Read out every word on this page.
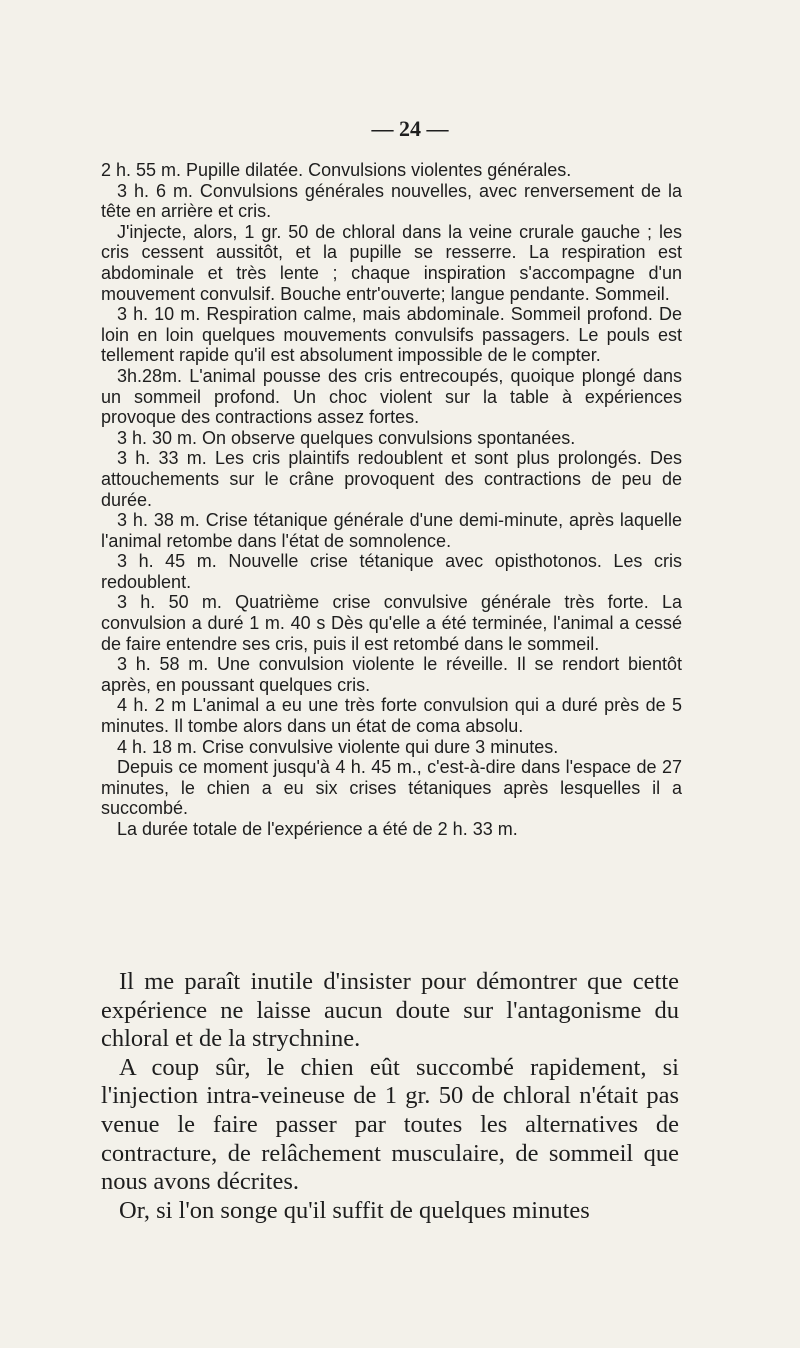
— 24 —

2 h. 55 m. Pupille dilatée. Convulsions violentes générales.

3 h. 6 m. Convulsions générales nouvelles, avec renversement de la tête en arrière et cris.

J'injecte, alors, 1 gr. 50 de chloral dans la veine crurale gauche ; les cris cessent aussitôt, et la pupille se resserre. La respiration est abdominale et très lente ; chaque inspiration s'accompagne d'un mouvement convulsif. Bouche entr'ouverte; langue pendante. Sommeil.

3 h. 10 m. Respiration calme, mais abdominale. Sommeil profond. De loin en loin quelques mouvements convulsifs passagers. Le pouls est tellement rapide qu'il est absolument impossible de le compter.

3h.28m. L'animal pousse des cris entrecoupés, quoique plongé dans un sommeil profond. Un choc violent sur la table à expériences provoque des contractions assez fortes.

3 h. 30 m. On observe quelques convulsions spontanées.

3 h. 33 m. Les cris plaintifs redoublent et sont plus prolongés. Des attouchements sur le crâne provoquent des contractions de peu de durée.

3 h. 38 m. Crise tétanique générale d'une demi-minute, après laquelle l'animal retombe dans l'état de somnolence.

3 h. 45 m. Nouvelle crise tétanique avec opisthotonos. Les cris redoublent.

3 h. 50 m. Quatrième crise convulsive générale très forte. La convulsion a duré 1 m. 40 s Dès qu'elle a été terminée, l'animal a cessé de faire entendre ses cris, puis il est retombé dans le sommeil.

3 h. 58 m. Une convulsion violente le réveille. Il se rendort bientôt après, en poussant quelques cris.

4 h. 2 m L'animal a eu une très forte convulsion qui a duré près de 5 minutes. Il tombe alors dans un état de coma absolu.

4 h. 18 m. Crise convulsive violente qui dure 3 minutes.

Depuis ce moment jusqu'à 4 h. 45 m., c'est-à-dire dans l'espace de 27 minutes, le chien a eu six crises tétaniques après lesquelles il a succombé.

La durée totale de l'expérience a été de 2 h. 33 m.

Il me paraît inutile d'insister pour démontrer que cette expérience ne laisse aucun doute sur l'antagonisme du chloral et de la strychnine.

A coup sûr, le chien eût succombé rapidement, si l'injection intra-veineuse de 1 gr. 50 de chloral n'était pas venue le faire passer par toutes les alternatives de contracture, de relâchement musculaire, de sommeil que nous avons décrites.

Or, si l'on songe qu'il suffit de quelques minutes
